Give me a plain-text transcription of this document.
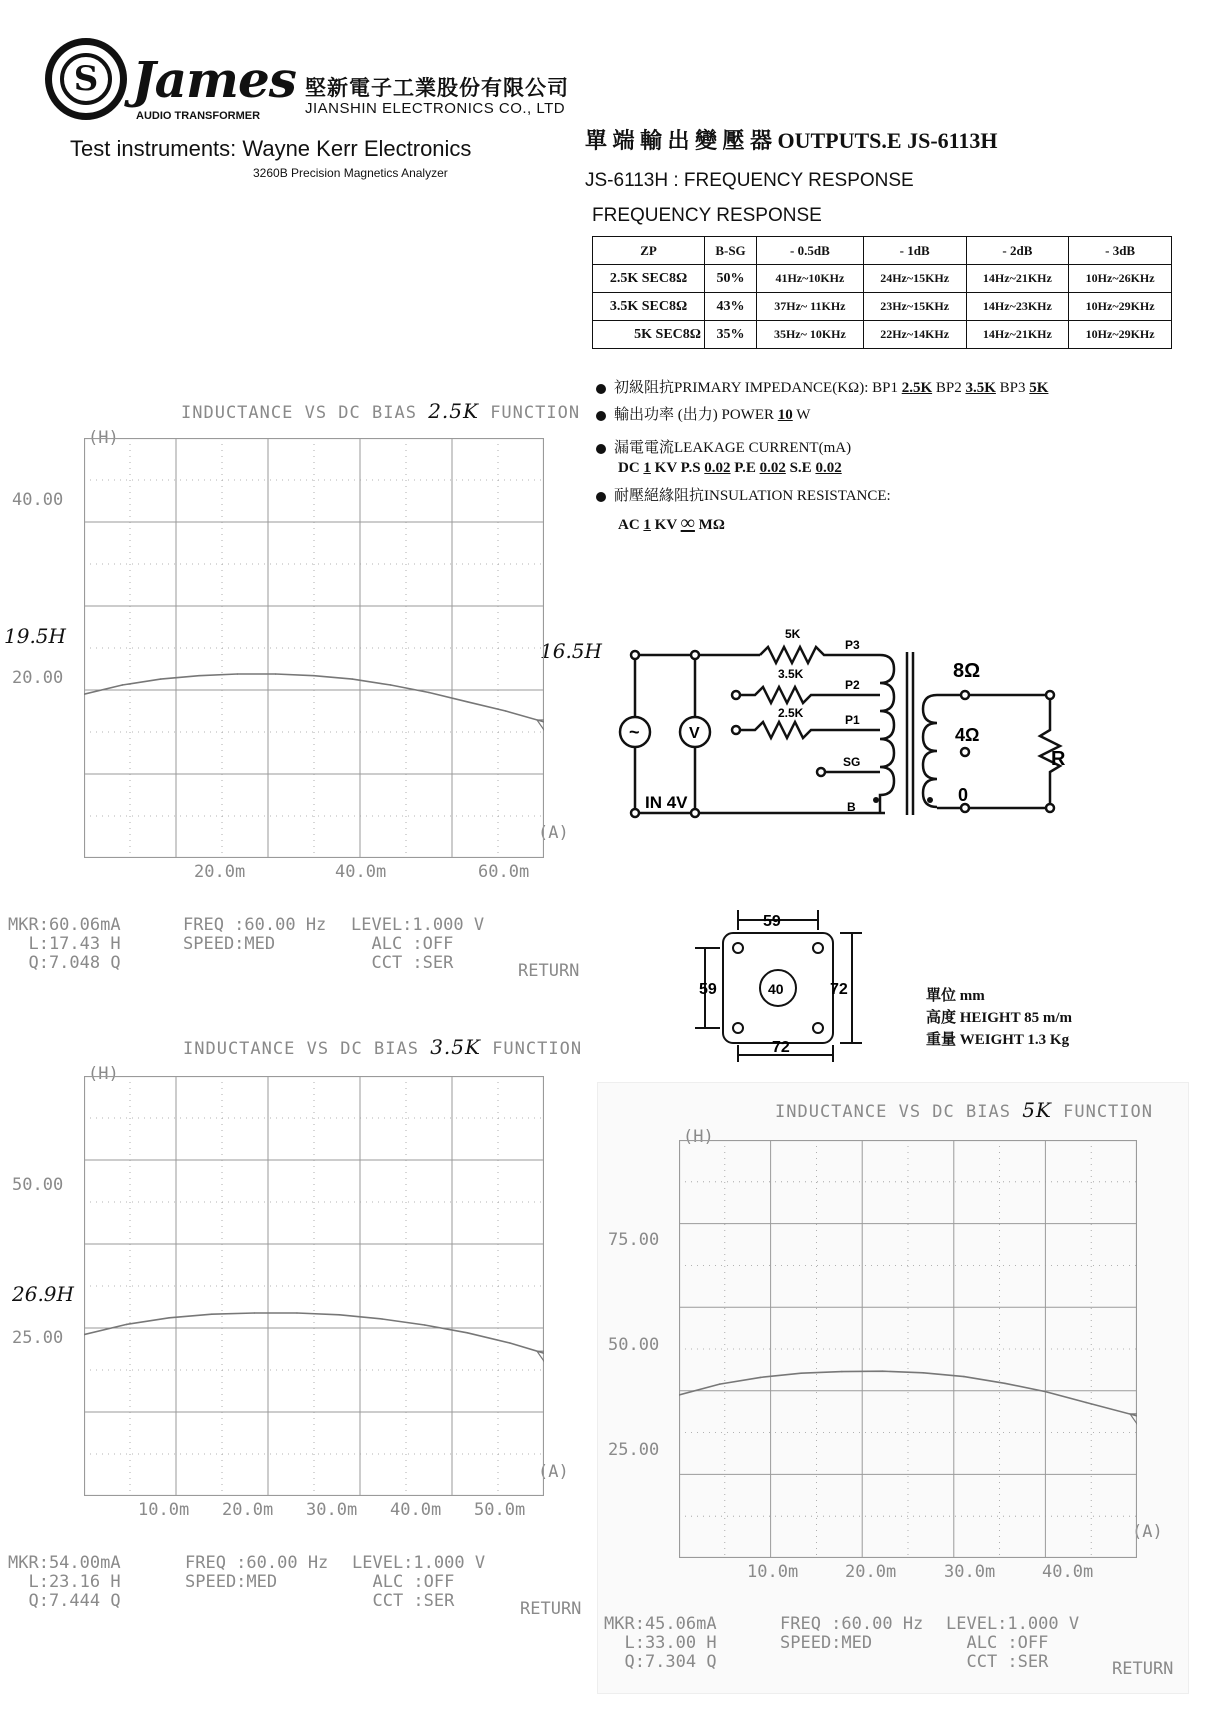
S James
AUDIO TRANSFORMER
堅新電子工業股份有限公司
JIANSHIN ELECTRONICS CO., LTD
Test instruments: Wayne Kerr Electronics
3260B Precision Magnetics Analyzer
單 端 輸 出 變 壓 器 OUTPUTS.E JS-6113H
JS-6113H : FREQUENCY RESPONSE
FREQUENCY RESPONSE
ZP	B-SG	- 0.5dB	- 1dB	- 2dB	- 3dB
2.5K SEC8Ω	50%	41Hz~10KHz	24Hz~15KHz	14Hz~21KHz	10Hz~26KHz
3.5K SEC8Ω	43%	37Hz~ 11KHz	23Hz~15KHz	14Hz~23KHz	10Hz~29KHz
5K SEC8Ω	35%	35Hz~ 10KHz	22Hz~14KHz	14Hz~21KHz	10Hz~29KHz
初級阻抗PRIMARY IMPEDANCE(KΩ): BP1 2.5K BP2 3.5K BP3 5K
輸出功率 (出力) POWER 10 W
漏電電流LEAKAGE CURRENT(mA)
DC 1 KV P.S 0.02 P.E 0.02 S.E 0.02
耐壓絕緣阻抗INSULATION RESISTANCE:
AC 1 KV ∞ MΩ
~	V
IN 4V
5K
3.5K
2.5K
P3
P2
P1
SG
B
8Ω
4Ω
0
R
59
59	40	72
72
單位 mm
高度 HEIGHT 85 m/m
重量 WEIGHT 1.3 Kg
INDUCTANCE VS DC BIAS 2.5K FUNCTION
(H)
(A)
40.00
20.00
20.0m	40.0m	60.0m
19.5H
16.5H
MKR:60.06mA
L:17.43 H
Q:7.048 Q
FREQ :60.00 Hz
SPEED:MED
LEVEL:1.000 V
ALC :OFF
CCT :SER	RETURN
INDUCTANCE VS DC BIAS 3.5K FUNCTION
(H)
(A)
50.00
25.00
10.0m 20.0m 30.0m 40.0m 50.0m
26.9H
MKR:54.00mA
L:23.16 H
Q:7.444 Q
FREQ :60.00 Hz
SPEED:MED
LEVEL:1.000 V
ALC :OFF
CCT :SER	RETURN
INDUCTANCE VS DC BIAS 5K FUNCTION
(H)
(A)
75.00
50.00
25.00
10.0m	20.0m	30.0m	40.0m
MKR:45.06mA
L:33.00 H
Q:7.304 Q
FREQ :60.00 Hz
SPEED:MED
LEVEL:1.000 V
ALC :OFF
CCT :SER	RETURN
